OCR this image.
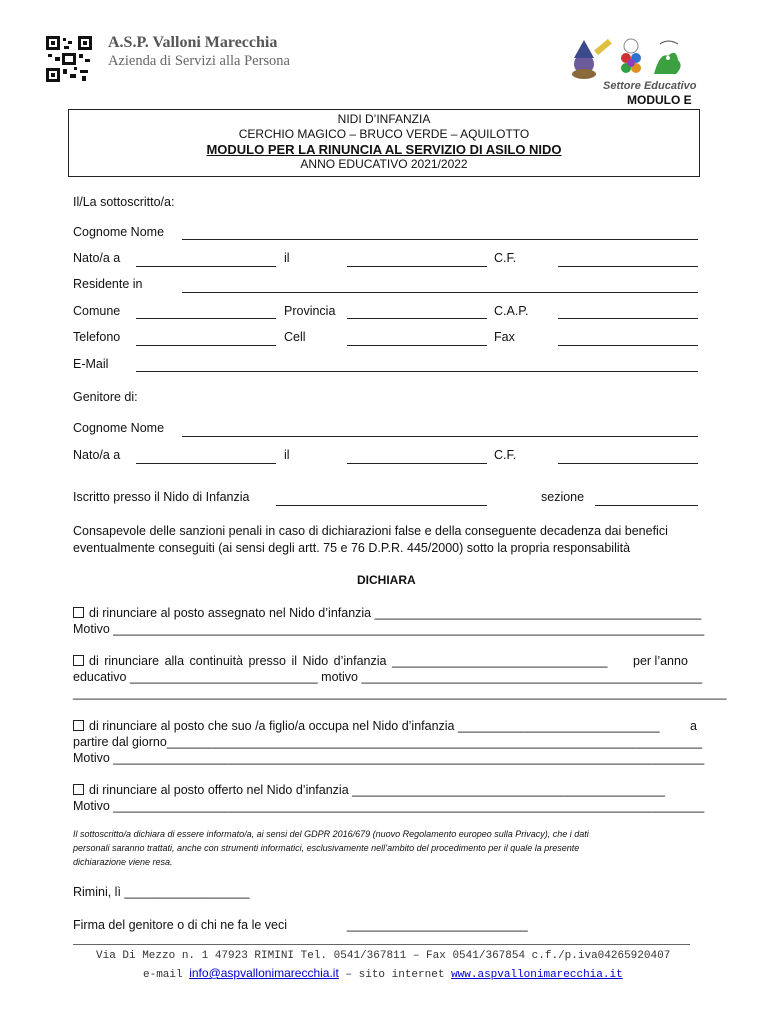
A.S.P. Valloni Marecchia
Azienda di Servizi alla Persona
Settore Educativo
MODULO E
NIDI D’INFANZIA
CERCHIO MAGICO – BRUCO VERDE – AQUILOTTO
MODULO PER LA RINUNCIA AL SERVIZIO DI ASILO NIDO
ANNO EDUCATIVO 2021/2022
Il/La sottoscritto/a:
Cognome Nome
Nato/a a	il	C.F.
Residente in
Comune	Provincia	C.A.P.
Telefono	Cell	Fax
E-Mail
Genitore di:
Cognome Nome
Nato/a a	il	C.F.
Iscritto presso il Nido di Infanzia	sezione
Consapevole delle sanzioni penali in caso di dichiarazioni false e della conseguente decadenza dai benefici
eventualmente conseguiti (ai sensi degli artt. 75 e 76 D.P.R. 445/2000) sotto la propria responsabilità
DICHIARA
di rinunciare al posto assegnato nel Nido d’infanzia _______________________________________________
Motivo _____________________________________________________________________________________
di rinunciare alla continuità presso il Nido d’infanzia _______________________________	per l’anno
educativo ___________________________ motivo _________________________________________________
______________________________________________________________________________________________
di rinunciare al posto che suo /a figlio/a occupa nel Nido d’infanzia _____________________________	a
partire dal giorno_____________________________________________________________________________
Motivo _____________________________________________________________________________________
di rinunciare al posto offerto nel Nido d’infanzia _____________________________________________
Motivo _____________________________________________________________________________________
Il sottoscritto/a dichiara di essere informato/a, ai sensi del GDPR 2016/679 (nuovo Regolamento europeo sulla Privacy), che i dati
personali saranno trattati, anche con strumenti informatici, esclusivamente nell’ambito del procedimento per il quale la presente
dichiarazione viene resa.
Rimini, lì __________________
Firma del genitore o di chi ne fa le veci	__________________________
Via Di Mezzo n. 1 47923 RIMINI Tel. 0541/367811 – Fax 0541/367854 c.f./p.iva04265920407
e-mail info@aspvallonimarecchia.it – sito internet www.aspvallonimarecchia.it
